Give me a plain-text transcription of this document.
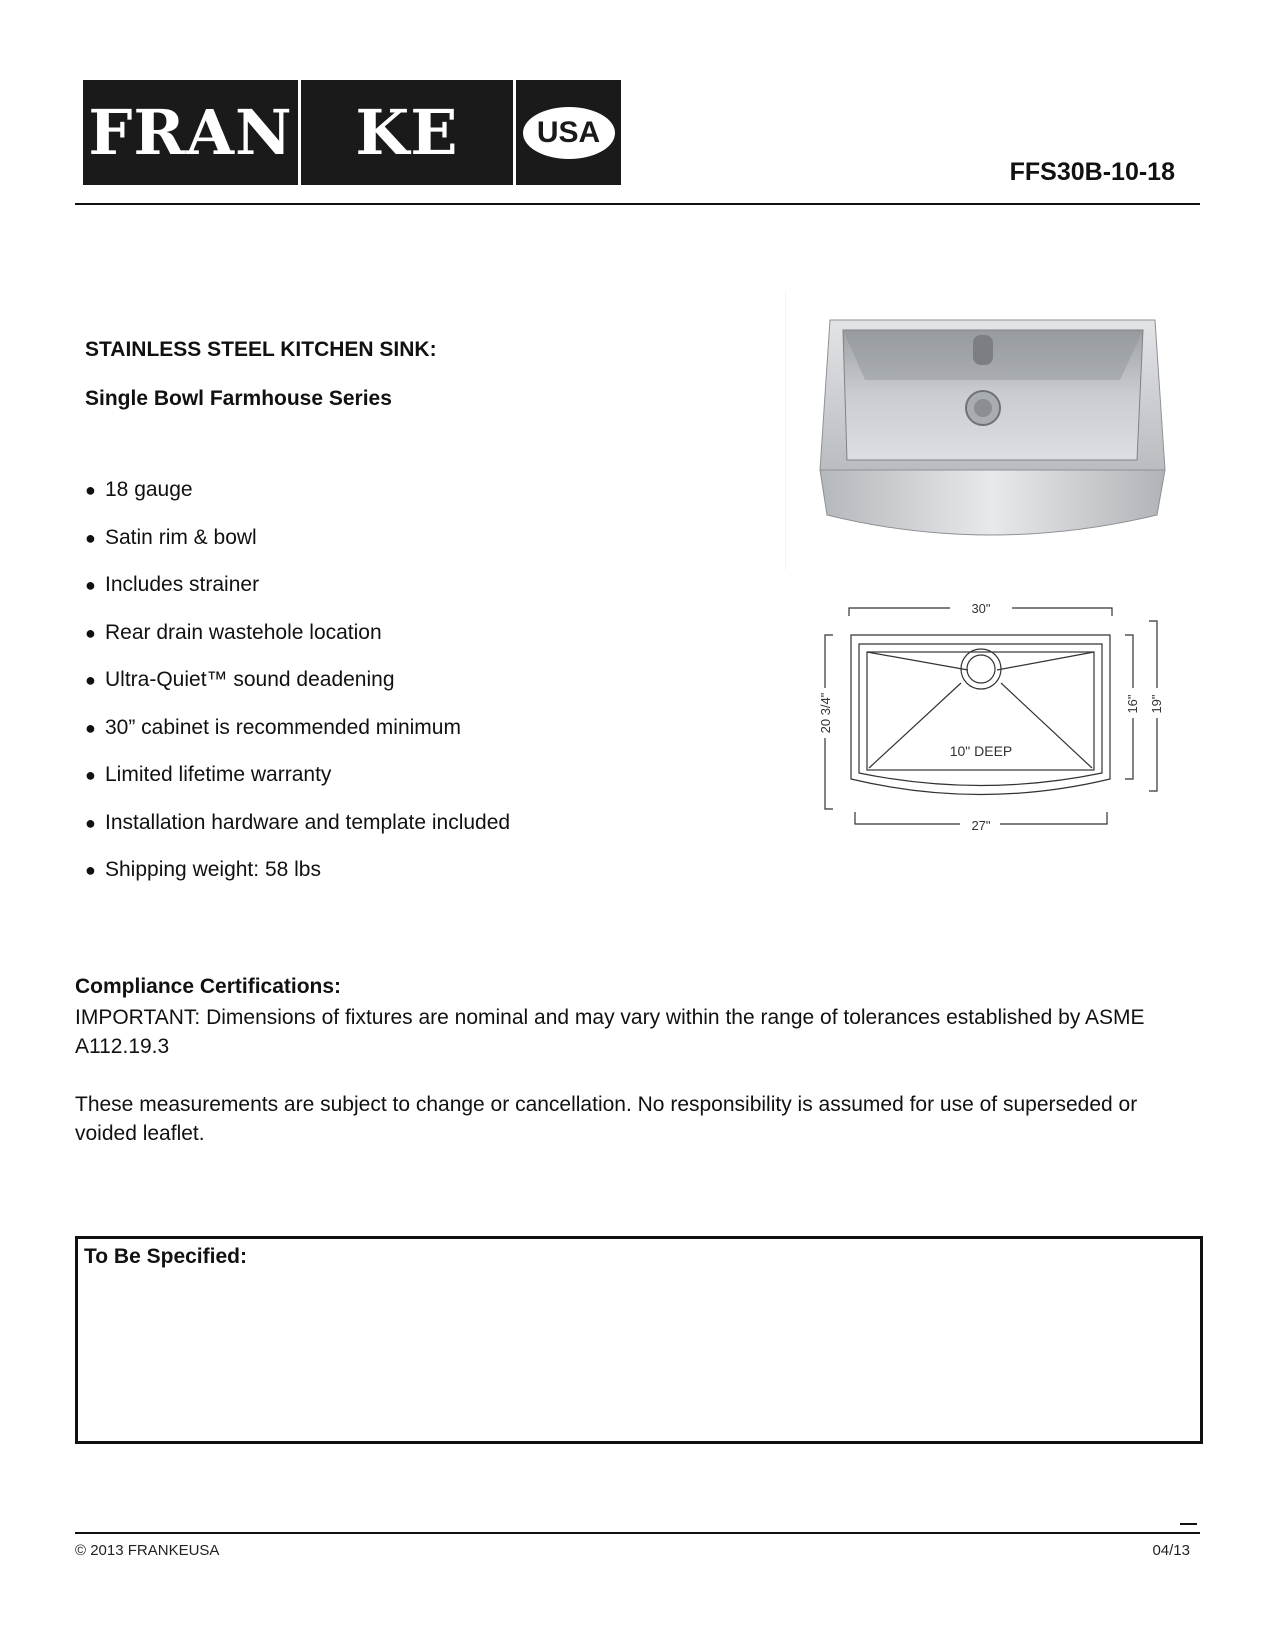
FRAN KE	USA
FFS30B-10-18
STAINLESS STEEL KITCHEN SINK:
Single Bowl Farmhouse Series
● 18 gauge
● Satin rim & bowl
● Includes strainer
● Rear drain wastehole location
● Ultra-Quiet™ sound deadening
● 30” cabinet is recommended minimum
● Limited lifetime warranty
● Installation hardware and template included
● Shipping weight: 58 lbs
30"
27"
20 3/4"	16" 19"
10" DEEP
Compliance Certifications:
IMPORTANT: Dimensions of fixtures are nominal and may vary within the range of tolerances established by ASME A112.19.3
These measurements are subject to change or cancellation. No responsibility is assumed for use of superseded or voided leaflet.
To Be Specified:
© 2013 FRANKEUSA	04/13
